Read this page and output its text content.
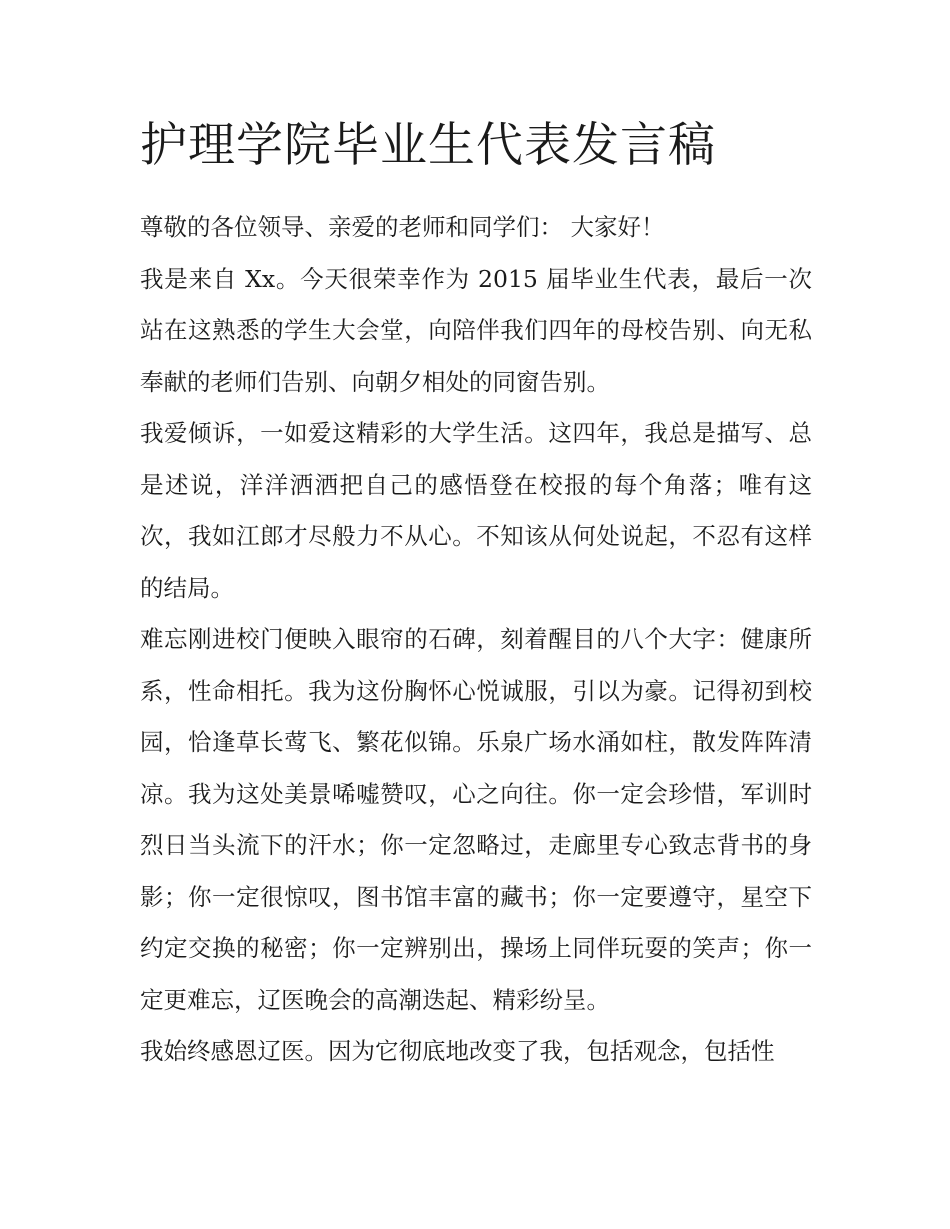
护理学院毕业生代表发言稿

尊敬的各位领导、亲爱的老师和同学们： 大家好！

我是来自 Xx。今天很荣幸作为 2015 届毕业生代表，最后一次站在这熟悉的学生大会堂，向陪伴我们四年的母校告别、向无私奉献的老师们告别、向朝夕相处的同窗告别。

我爱倾诉，一如爱这精彩的大学生活。这四年，我总是描写、总是述说，洋洋洒洒把自己的感悟登在校报的每个角落；唯有这次，我如江郎才尽般力不从心。不知该从何处说起，不忍有这样的结局。

难忘刚进校门便映入眼帘的石碑，刻着醒目的八个大字：健康所系，性命相托。我为这份胸怀心悦诚服，引以为豪。记得初到校园，恰逢草长莺飞、繁花似锦。乐泉广场水涌如柱，散发阵阵清凉。我为这处美景唏嘘赞叹，心之向往。你一定会珍惜，军训时烈日当头流下的汗水；你一定忽略过，走廊里专心致志背书的身影；你一定很惊叹，图书馆丰富的藏书；你一定要遵守，星空下约定交换的秘密；你一定辨别出，操场上同伴玩耍的笑声；你一定更难忘，辽医晚会的高潮迭起、精彩纷呈。

我始终感恩辽医。因为它彻底地改变了我，包括观念，包括性
